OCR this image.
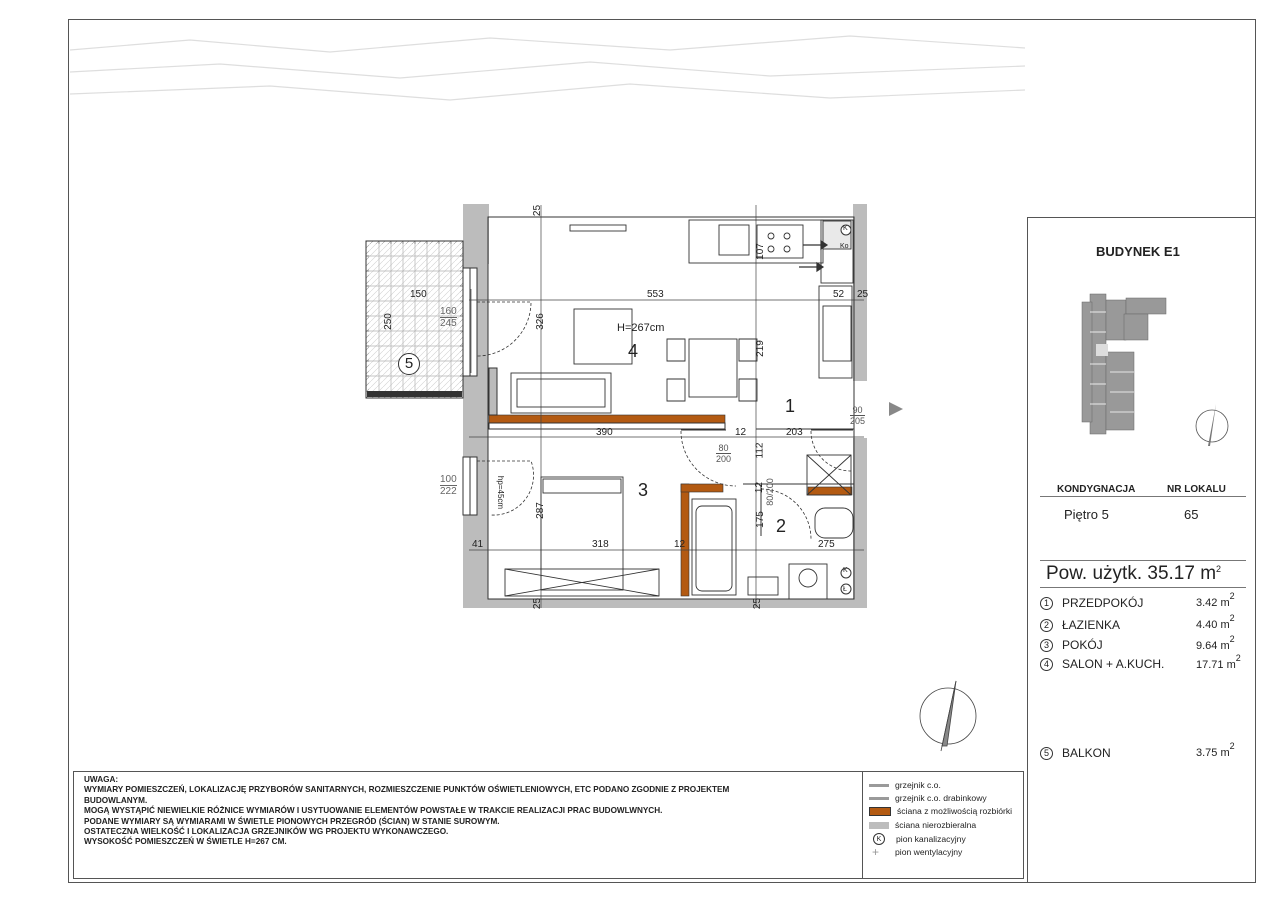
H=267cm
4
1
3
2
5
553	52 25
25
150
250	326
107
219
390	12	203
112
287
318	12
175
275
41
25	25
12
160
245
100
222
90
205
80
200
80/200
hp=45cm
Ko
K
Ł
K
BUDYNEK E1
KONDYGNACJA	NR LOKALU
Piętro 5	65
Pow. użytk. 35.17 $m^2$
1	PRZEDPOKÓJ	3.42 $m^2$
2	ŁAZIENKA	4.40 $m^2$
3	POKÓJ	9.64 $m^2$
4	SALON + A.KUCH.	17.71 $m^2$
5	BALKON	3.75 $m^2$
UWAGA:
WYMIARY POMIESZCZEŃ, LOKALIZACJĘ PRZYBORÓW SANITARNYCH, ROZMIESZCZENIE PUNKTÓW OŚWIETLENIOWYCH, ETC PODANO ZGODNIE Z PROJEKTEM
BUDOWLANYM.
MOGĄ WYSTĄPIĆ NIEWIELKIE RÓŻNICE WYMIARÓW I USYTUOWANIE ELEMENTÓW POWSTAŁE W TRAKCIE REALIZACJI PRAC BUDOWLWNYCH.
PODANE WYMIARY SĄ WYMIARAMI W ŚWIETLE PIONOWYCH PRZEGRÓD (ŚCIAN) W STANIE SUROWYM.
OSTATECZNA WIELKOŚĆ I LOKALIZACJA GRZEJNIKÓW WG PROJEKTU WYKONAWCZEGO.
WYSOKOŚĆ POMIESZCZEŃ W ŚWIETLE H=267 CM.
grzejnik c.o.
grzejnik c.o. drabinkowy
ściana z możliwością rozbiórki
ściana nierozbieralna
K	pion kanalizacyjny
+	pion wentylacyjny
